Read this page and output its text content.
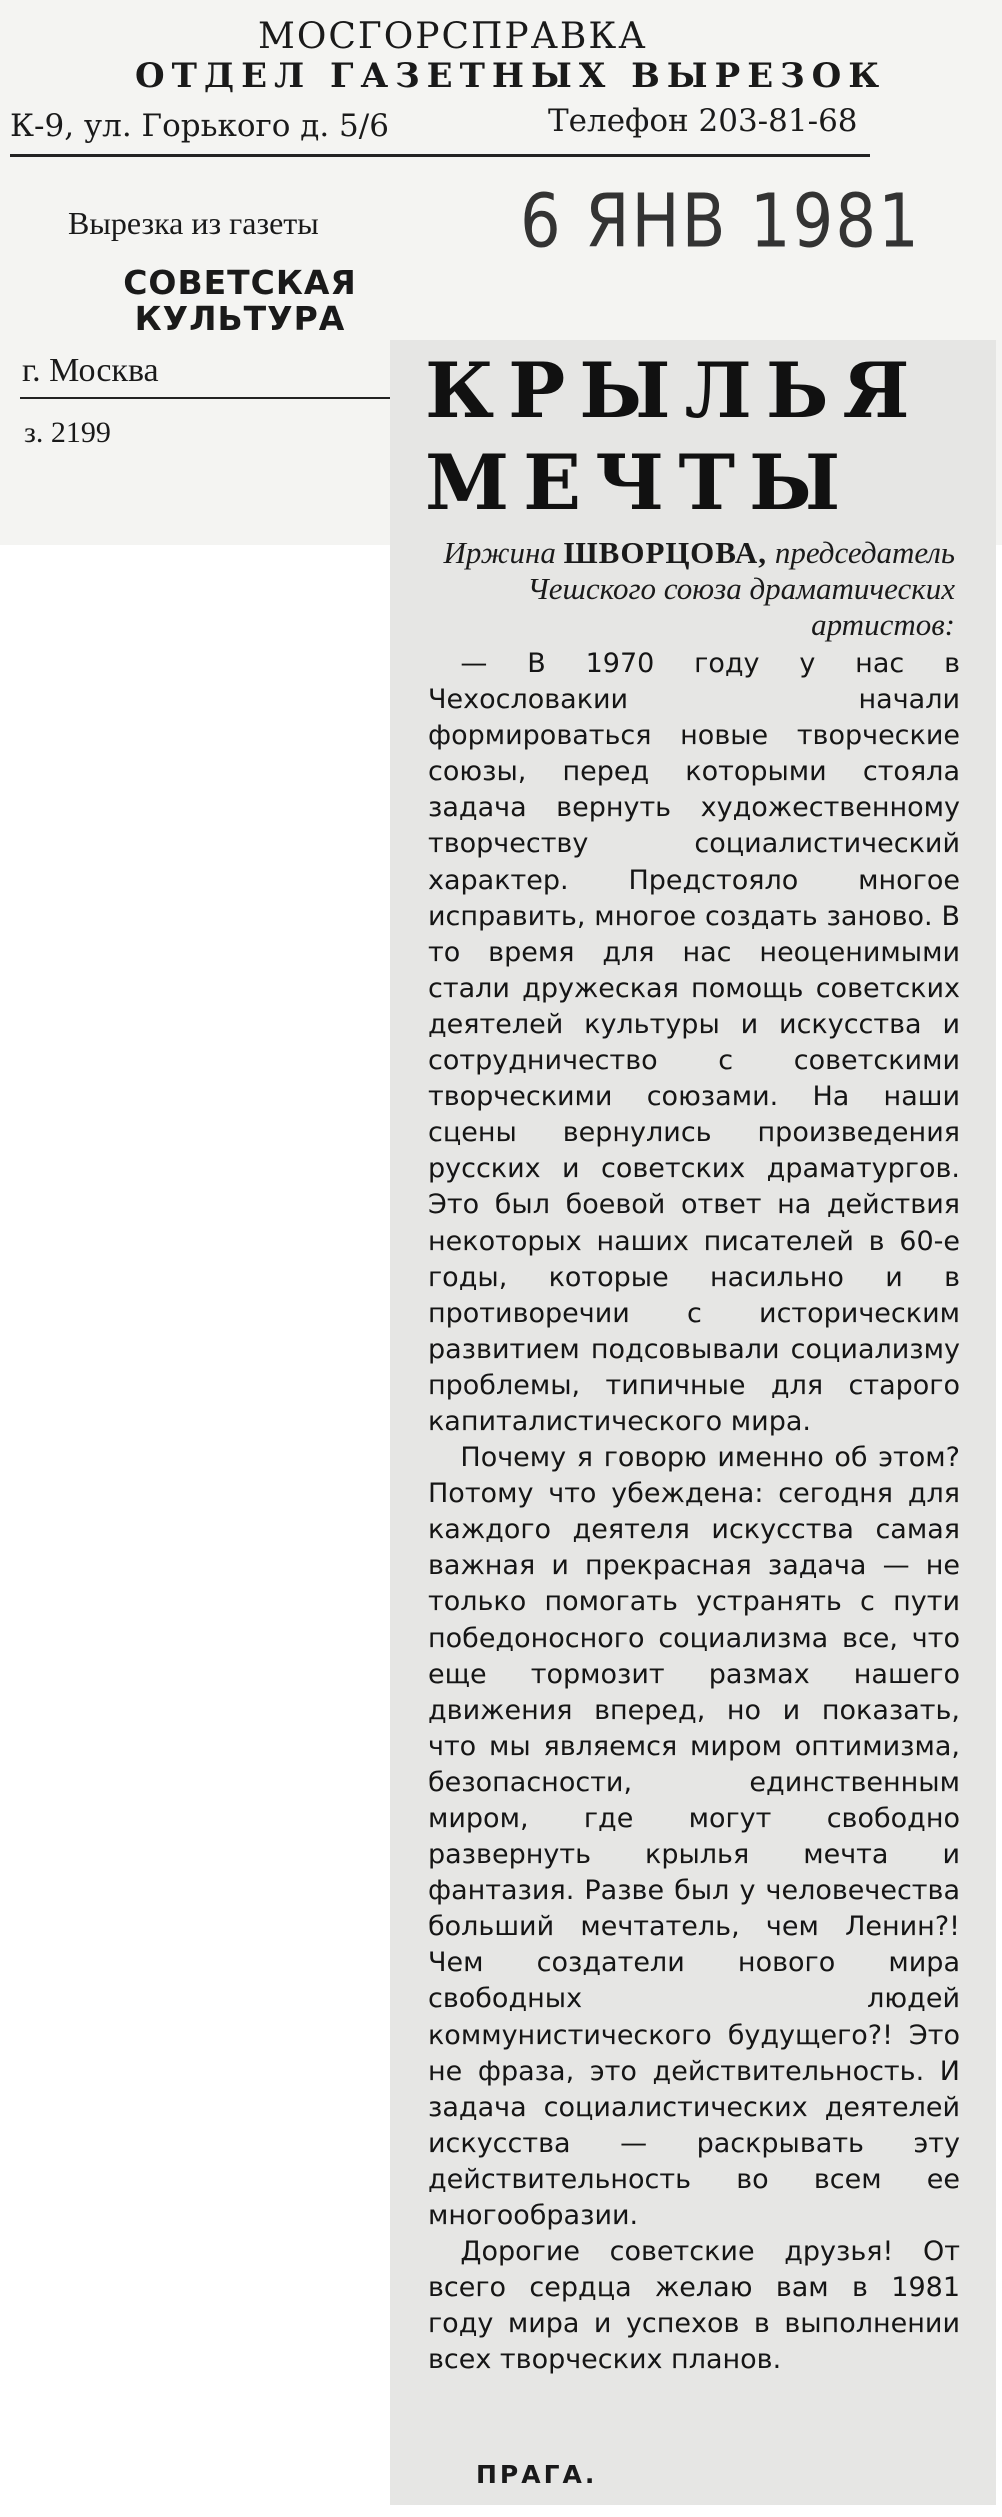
МОСГОРСПРАВКА
ОТДЕЛ ГАЗЕТНЫХ ВЫРЕЗОК
К-9, ул. Горького д. 5/6	Телефон 203-81-68
Вырезка из газеты	6 ЯНВ 1981
СОВЕТСКАЯ КУЛЬТУРА
г. Москва
з. 2199	КРЫЛЬЯ
МЕЧТЫ
Иржина ШВОРЦОВА, председатель Чешского союза драматических артистов:

— В 1970 году у нас в Чехословакии начали формироваться новые творческие союзы, перед которыми стояла задача вернуть художественному творчеству социалистический характер. Предстояло многое исправить, многое создать заново. В то время для нас неоценимыми стали дружеская помощь советских деятелей культуры и искусства и сотрудничество с советскими творческими союзами. На наши сцены вернулись произведения русских и советских драматургов. Это был боевой ответ на действия некоторых наших писателей в 60-е годы, которые насильно и в противоречии с историческим развитием подсовывали социализму проблемы, типичные для старого капиталистического мира.

Почему я говорю именно об этом? Потому что убеждена: сегодня для каждого деятеля искусства самая важная и прекрасная задача — не только помогать устранять с пути победоносного социализма все, что еще тормозит размах нашего движения вперед, но и показать, что мы являемся миром оптимизма, безопасности, единственным миром, где могут свободно развернуть крылья мечта и фантазия. Разве был у человечества больший мечтатель, чем Ленин?! Чем создатели нового мира свободных людей коммунистического будущего?! Это не фраза, это действительность. И задача социалистических деятелей искусства — раскрывать эту действительность во всем ее многообразии.

Дорогие советские друзья! От всего сердца желаю вам в 1981 году мира и успехов в выполнении всех творческих планов.

ПРАГА.
